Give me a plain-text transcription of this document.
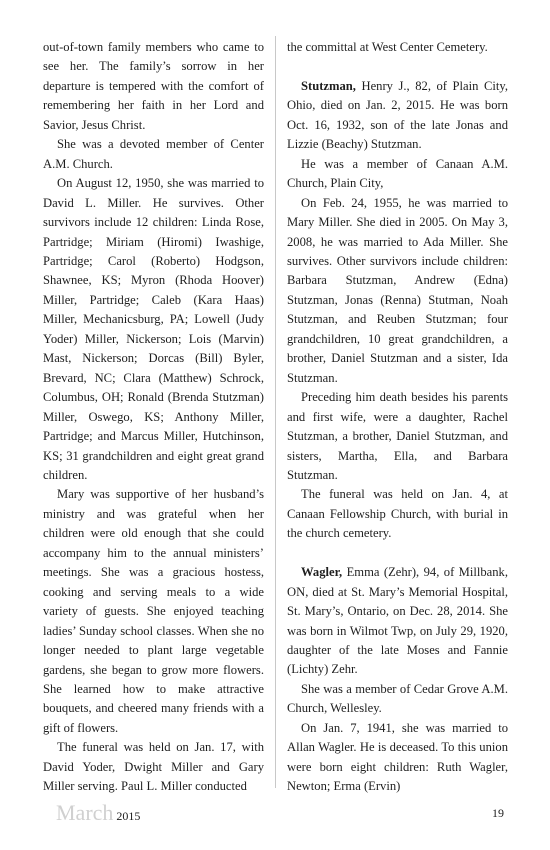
out-of-town family members who came to see her. The family’s sorrow in her departure is tempered with the comfort of remembering her faith in her Lord and Savior, Jesus Christ.

She was a devoted member of Center A.M. Church.

On August 12, 1950, she was married to David L. Miller. He survives. Other survivors include 12 children: Linda Rose, Partridge; Miriam (Hiromi) Iwashige, Partridge; Carol (Roberto) Hodgson, Shawnee, KS; Myron (Rhoda Hoover) Miller, Partridge; Caleb (Kara Haas) Miller, Mechanicsburg, PA; Lowell (Judy Yoder) Miller, Nickerson; Lois (Marvin) Mast, Nickerson; Dorcas (Bill) Byler, Brevard, NC; Clara (Matthew) Schrock, Columbus, OH; Ronald (Brenda Stutzman) Miller, Oswego, KS; Anthony Miller, Partridge; and Marcus Miller, Hutchinson, KS; 31 grandchildren and eight great grand children.

Mary was supportive of her husband’s ministry and was grateful when her children were old enough that she could accompany him to the annual ministers’ meetings. She was a gracious hostess, cooking and serving meals to a wide variety of guests. She enjoyed teaching ladies’ Sunday school classes. When she no longer needed to plant large vegetable gardens, she began to grow more flowers. She learned how to make attractive bouquets, and cheered many friends with a gift of flowers.

The funeral was held on Jan. 17, with David Yoder, Dwight Miller and Gary Miller serving. Paul L. Miller conducted

the committal at West Center Cemetery.

Stutzman, Henry J., 82, of Plain City, Ohio, died on Jan. 2, 2015. He was born Oct. 16, 1932, son of the late Jonas and Lizzie (Beachy) Stutzman.

He was a member of Canaan A.M. Church, Plain City,

On Feb. 24, 1955, he was married to Mary Miller. She died in 2005. On May 3, 2008, he was married to Ada Miller. She survives. Other survivors include children: Barbara Stutzman, Andrew (Edna) Stutzman, Jonas (Renna) Stutman, Noah Stutzman, and Reuben Stutzman; four grandchildren, 10 great grandchildren, a brother, Daniel Stutzman and a sister, Ida Stutzman.

Preceding him death besides his parents and first wife, were a daughter, Rachel Stutzman, a brother, Daniel Stutzman, and sisters, Martha, Ella, and Barbara Stutzman.

The funeral was held on Jan. 4, at Canaan Fellowship Church, with burial in the church cemetery.

Wagler, Emma (Zehr), 94, of Millbank, ON, died at St. Mary’s Memorial Hospital, St. Mary’s, Ontario, on Dec. 28, 2014. She was born in Wilmot Twp, on July 29, 1920, daughter of the late Moses and Fannie (Lichty) Zehr.

She was a member of Cedar Grove A.M. Church, Wellesley.

On Jan. 7, 1941, she was married to Allan Wagler. He is deceased. To this union were born eight children: Ruth Wagler, Newton; Erma (Ervin)

March 2015	19
